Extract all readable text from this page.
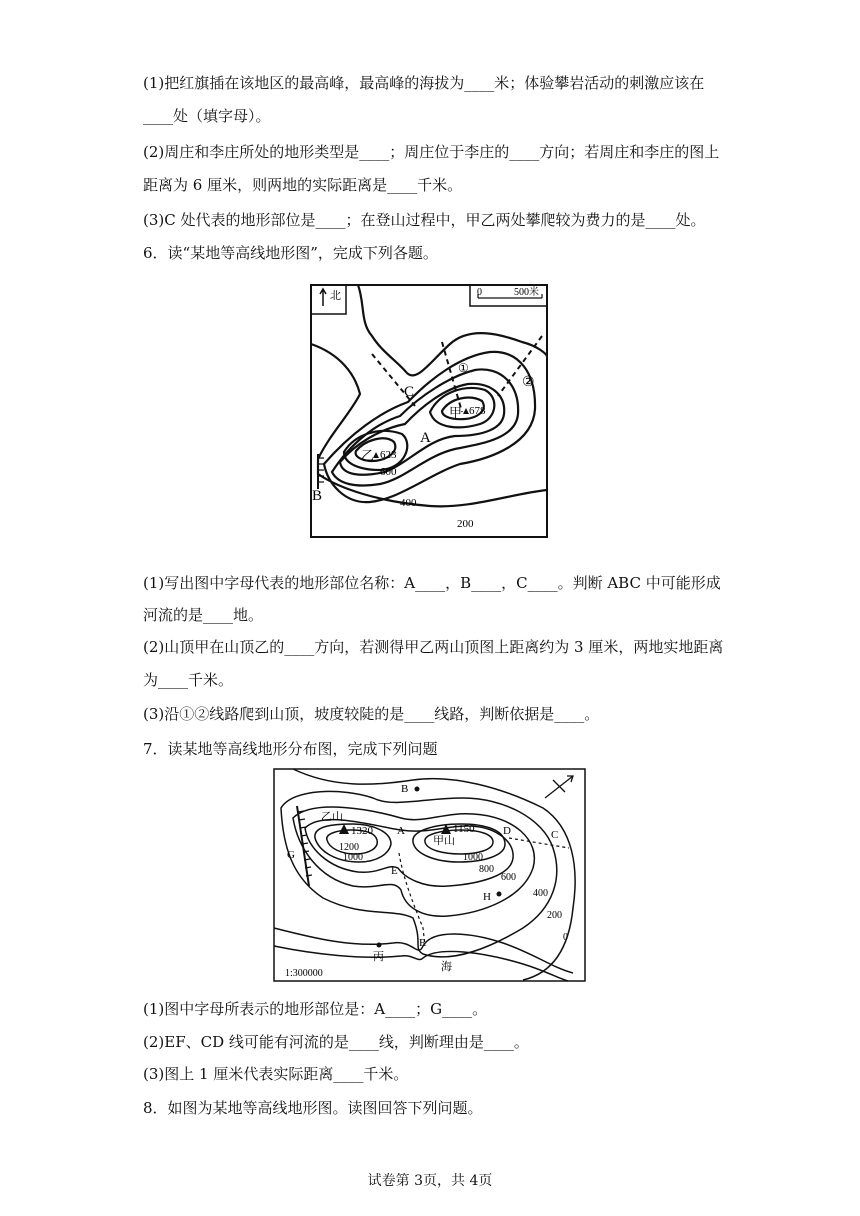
(1)把红旗插在该地区的最高峰，最高峰的海拔为____米；体验攀岩活动的刺激应该在
____处（填字母）。
(2)周庄和李庄所处的地形类型是____；周庄位于李庄的____方向；若周庄和李庄的图上
距离为 6 厘米，则两地的实际距离是____千米。
(3)C 处代表的地形部位是____；在登山过程中，甲乙两处攀爬较为费力的是____处。
6．读“某地等高线地形图”，完成下列各题。
北	0	500米
①
②
C
A
B
甲 678
乙 623
600
400
200
(1)写出图中字母代表的地形部位名称：A____，B____，C____。判断 ABC 中可能形成
河流的是____地。
(2)山顶甲在山顶乙的____方向，若测得甲乙两山顶图上距离约为 3 厘米，两地实地距离
为____千米。
(3)沿①②线路爬到山顶，坡度较陡的是____线路，判断依据是____。
7．读某地等高线地形分布图，完成下列问题
B
A
G
D	C
E
F
H
乙山
1320
甲山
1150
1200
1000	1000
800
600
400
200
0
丙
海
1:300000
(1)图中字母所表示的地形部位是：A____；G____。
(2)EF、CD 线可能有河流的是____线，判断理由是____。
(3)图上 1 厘米代表实际距离____千米。
8．如图为某地等高线地形图。读图回答下列问题。
试卷第 3页，共 4页
